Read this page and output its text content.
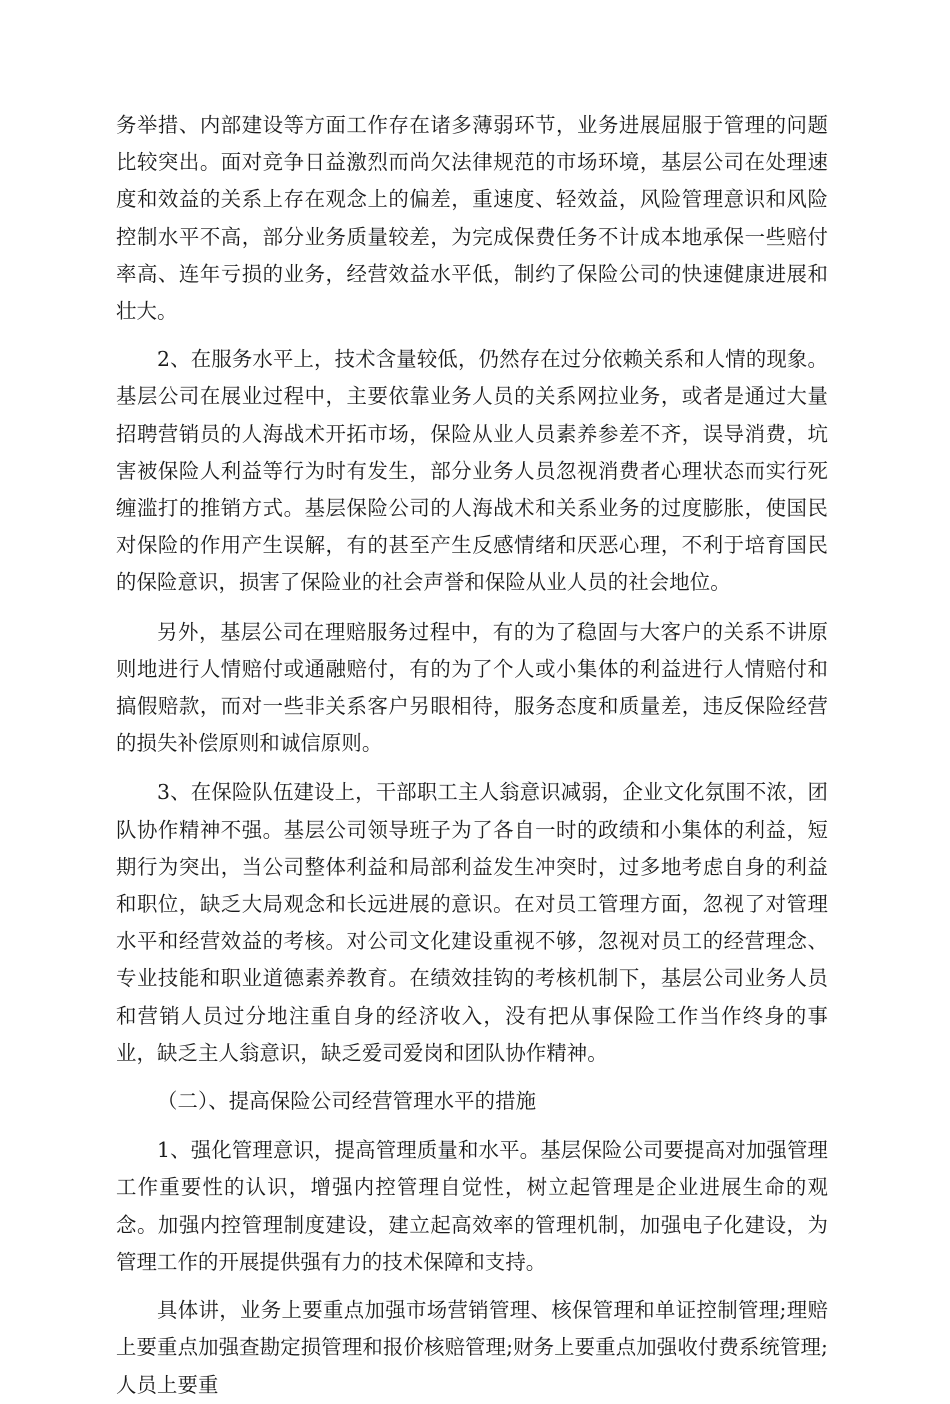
务举措、内部建设等方面工作存在诸多薄弱环节，业务进展屈服于管理的问题比较突出。面对竞争日益激烈而尚欠法律规范的市场环境，基层公司在处理速度和效益的关系上存在观念上的偏差，重速度、轻效益，风险管理意识和风险控制水平不高，部分业务质量较差，为完成保费任务不计成本地承保一些赔付率高、连年亏损的业务，经营效益水平低，制约了保险公司的快速健康进展和壮大。

2、在服务水平上，技术含量较低，仍然存在过分依赖关系和人情的现象。基层公司在展业过程中，主要依靠业务人员的关系网拉业务，或者是通过大量招聘营销员的人海战术开拓市场，保险从业人员素养参差不齐，误导消费，坑害被保险人利益等行为时有发生，部分业务人员忽视消费者心理状态而实行死缠滥打的推销方式。基层保险公司的人海战术和关系业务的过度膨胀，使国民对保险的作用产生误解，有的甚至产生反感情绪和厌恶心理，不利于培育国民的保险意识，损害了保险业的社会声誉和保险从业人员的社会地位。

另外，基层公司在理赔服务过程中，有的为了稳固与大客户的关系不讲原则地进行人情赔付或通融赔付，有的为了个人或小集体的利益进行人情赔付和搞假赔款，而对一些非关系客户另眼相待，服务态度和质量差，违反保险经营的损失补偿原则和诚信原则。

3、在保险队伍建设上，干部职工主人翁意识减弱，企业文化氛围不浓，团队协作精神不强。基层公司领导班子为了各自一时的政绩和小集体的利益，短期行为突出，当公司整体利益和局部利益发生冲突时，过多地考虑自身的利益和职位，缺乏大局观念和长远进展的意识。在对员工管理方面，忽视了对管理水平和经营效益的考核。对公司文化建设重视不够，忽视对员工的经营理念、专业技能和职业道德素养教育。在绩效挂钩的考核机制下，基层公司业务人员和营销人员过分地注重自身的经济收入，没有把从事保险工作当作终身的事业，缺乏主人翁意识，缺乏爱司爱岗和团队协作精神。

（二）、提高保险公司经营管理水平的措施

1、强化管理意识，提高管理质量和水平。基层保险公司要提高对加强管理工作重要性的认识，增强内控管理自觉性，树立起管理是企业进展生命的观念。加强内控管理制度建设，建立起高效率的管理机制，加强电子化建设，为管理工作的开展提供强有力的技术保障和支持。

具体讲，业务上要重点加强市场营销管理、核保管理和单证控制管理;理赔上要重点加强查勘定损管理和报价核赔管理;财务上要重点加强收付费系统管理;人员上要重
